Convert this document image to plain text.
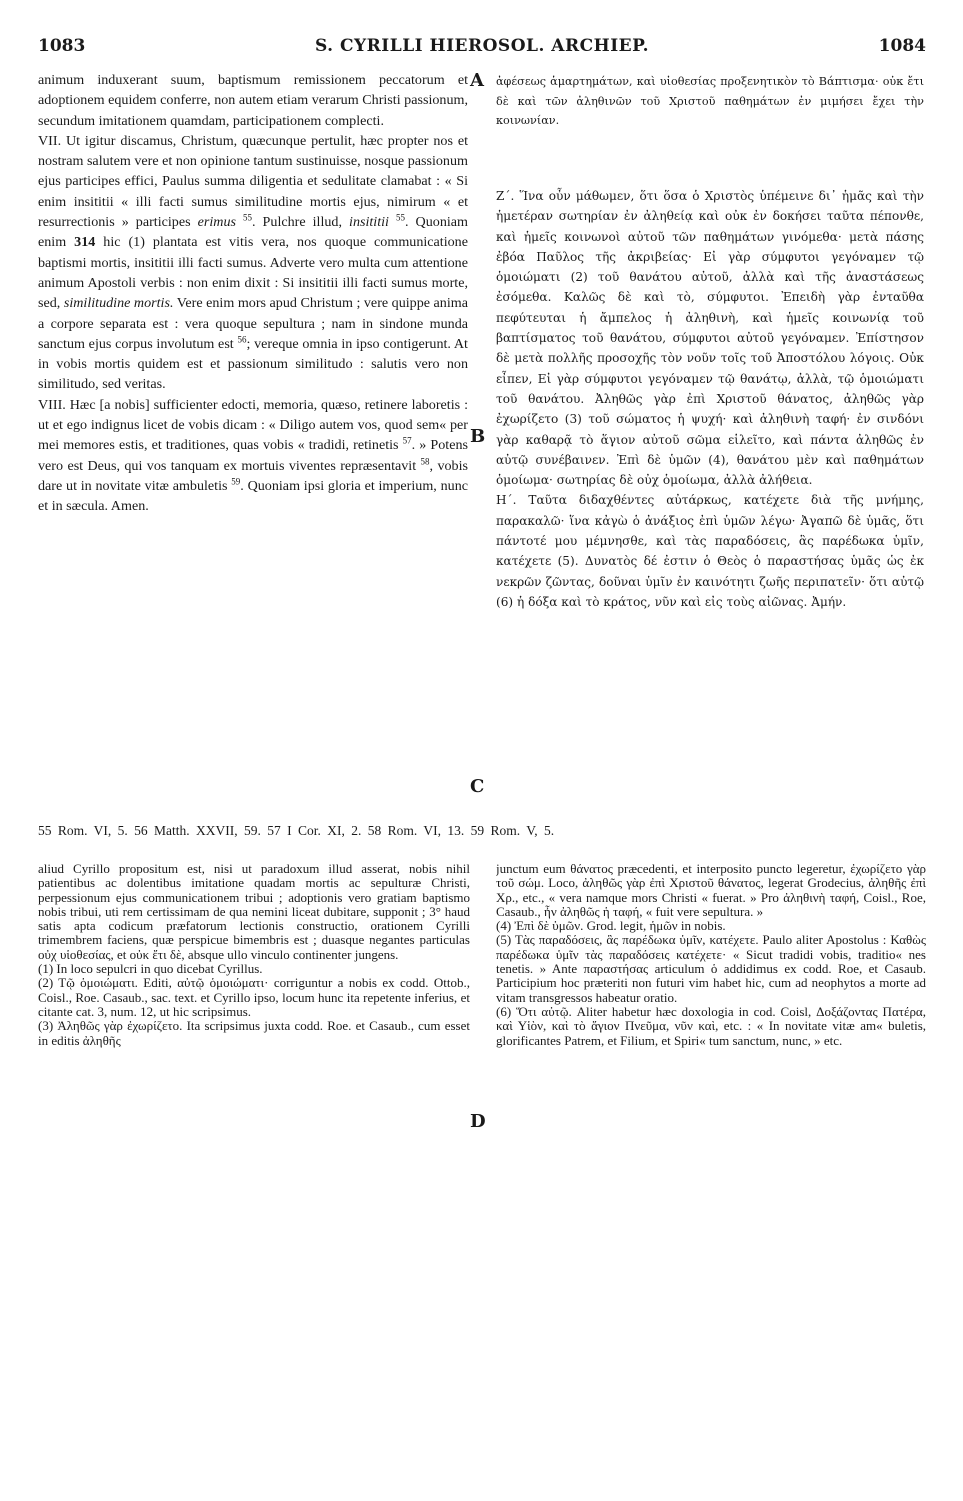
S. CYRILLI HIEROSOL. ARCHIEP.
1083	1084

animum induxerant suum, baptismum remissionem peccatorum et adoptionem equidem conferre, non autem etiam verarum Christi passionum, secundum imitationem quamdam, participationem complecti.

VII. Ut igitur discamus, Christum, quæcunque pertulit, hæc propter nos et nostram salutem vere et non opinione tantum sustinuisse, nosque passionum ejus participes effici, Paulus summa diligentia et sedulitate clamabat : « Si enim insititii « illi facti sumus similitudine mortis ejus, nimirum « et resurrectionis » participes erimus $^{55}$. Pulchre illud, insititii $^{55}$. Quoniam enim 314 hic (1) plantata est vitis vera, nos quoque communicatione baptismi mortis, insititii illi facti sumus. Adverte vero multa cum attentione animum Apostoli verbis : non enim dixit : Si insititii illi facti sumus morte, sed, similitudine mortis. Vere enim mors apud Christum ; vere quippe anima a corpore separata est : vera quoque sepultura ; nam in sindone munda sanctum ejus corpus involutum est $^{56}$; vereque omnia in ipso contigerunt. At in vobis mortis quidem est et passionum similitudo : salutis vero non similitudo, sed veritas.

VIII. Hæc [a nobis] sufficienter edocti, memoria, quæso, retinere laboretis : ut et ego indignus licet de vobis dicam : « Diligo autem vos, quod sem« per mei memores estis, et traditiones, quas vobis « tradidi, retinetis $^{57}$. » Potens vero est Deus, qui vos tanquam ex mortuis viventes repræsentavit $^{58}$, vobis dare ut in novitate vitæ ambuletis $^{59}$. Quoniam ipsi gloria et imperium, nunc et in sæcula. Amen.

ἀφέσεως ἁμαρτημάτων, καὶ υἱοθεσίας προξενητικὸν τὸ Βάπτισμα· οὐκ ἔτι δὲ καὶ τῶν ἀληθινῶν τοῦ Χριστοῦ παθημάτων ἐν μιμήσει ἔχει τὴν κοινωνίαν.

Ζ΄. Ἵνα οὖν μάθωμεν, ὅτι ὅσα ὁ Χριστὸς ὑπέμεινε δι᾽ ἡμᾶς καὶ τὴν ἡμετέραν σωτηρίαν ἐν ἀληθείᾳ καὶ οὐκ ἐν δοκήσει ταῦτα πέπονθε, καὶ ἡμεῖς κοινωνοὶ αὐτοῦ τῶν παθημάτων γινόμεθα· μετὰ πάσης ἐβόα Παῦλος τῆς ἀκριβείας· Εἰ γὰρ σύμφυτοι γεγόναμεν τῷ ὁμοιώματι (2) τοῦ θανάτου αὐτοῦ, ἀλλὰ καὶ τῆς ἀναστάσεως ἐσόμεθα. Καλῶς δὲ καὶ τὸ, σύμφυτοι. Ἐπειδὴ γὰρ ἐνταῦθα πεφύτευται ἡ ἄμπελος ἡ ἀληθινὴ, καὶ ἡμεῖς κοινωνίᾳ τοῦ βαπτίσματος τοῦ θανάτου, σύμφυτοι αὐτοῦ γεγόναμεν. Ἐπίστησον δὲ μετὰ πολλῆς προσοχῆς τὸν νοῦν τοῖς τοῦ Ἀποστόλου λόγοις. Οὐκ εἶπεν, Εἰ γὰρ σύμφυτοι γεγόναμεν τῷ θανάτῳ, ἀλλὰ, τῷ ὁμοιώματι τοῦ θανάτου. Ἀληθῶς γὰρ ἐπὶ Χριστοῦ θάνατος, ἀληθῶς γὰρ ἐχωρίζετο (3) τοῦ σώματος ἡ ψυχή· καὶ ἀληθινὴ ταφή· ἐν σινδόνι γὰρ καθαρᾷ τὸ ἅγιον αὐτοῦ σῶμα εἱλεῖτο, καὶ πάντα ἀληθῶς ἐν αὐτῷ συνέβαινεν. Ἐπὶ δὲ ὑμῶν (4), θανάτου μὲν καὶ παθημάτων ὁμοίωμα· σωτηρίας δὲ οὐχ ὁμοίωμα, ἀλλὰ ἀλήθεια.

Η΄. Ταῦτα διδαχθέντες αὐτάρκως, κατέχετε διὰ τῆς μνήμης, παρακαλῶ· ἵνα κἀγὼ ὁ ἀνάξιος ἐπὶ ὑμῶν λέγω· Ἀγαπῶ δὲ ὑμᾶς, ὅτι πάντοτέ μου μέμνησθε, καὶ τὰς παραδόσεις, ἃς παρέδωκα ὑμῖν, κατέχετε (5). Δυνατὸς δέ ἐστιν ὁ Θεὸς ὁ παραστήσας ὑμᾶς ὡς ἐκ νεκρῶν ζῶντας, δοῦναι ὑμῖν ἐν καινότητι ζωῆς περιπατεῖν· ὅτι αὐτῷ (6) ἡ δόξα καὶ τὸ κράτος, νῦν καὶ εἰς τοὺς αἰῶνας. Ἀμήν.

A
B
C
D
55 Rom. VI, 5. 56 Matth. XXVII, 59. 57 I Cor. XI, 2. 58 Rom. VI, 13. 59 Rom. V, 5.

aliud Cyrillo propositum est, nisi ut paradoxum illud asserat, nobis nihil patientibus ac dolentibus imitatione quadam mortis ac sepulturæ Christi, perpessionum ejus communicationem tribui ; adoptionis vero gratiam baptismo nobis tribui, uti rem certissimam de qua nemini liceat dubitare, supponit ; 3° haud satis apta codicum præfatorum lectionis constructio, orationem Cyrilli trimembrem faciens, quæ perspicue bimembris est ; duasque negantes particulas οὐχ υἱοθεσίας, et οὐκ ἔτι δὲ, absque ullo vinculo continenter jungens.

(1) In loco sepulcri in quo dicebat Cyrillus.

(2) Τῷ ὁμοιώματι. Editi, αὐτῷ ὁμοιώματι· corriguntur a nobis ex codd. Ottob., Coisl., Roe. Casaub., sac. text. et Cyrillo ipso, locum hunc ita repetente inferius, et citante cat. 3, num. 12, ut hic scripsimus.

(3) Ἀληθῶς γὰρ ἐχωρίζετο. Ita scripsimus juxta codd. Roe. et Casaub., cum esset in editis ἀληθῆς

junctum eum θάνατος præcedenti, et interposito puncto legeretur, ἐχωρίζετο γὰρ τοῦ σώμ. Loco, ἀληθῶς γὰρ ἐπὶ Χριστοῦ θάνατος, legerat Grodecius, ἀληθῆς ἐπὶ Χρ., etc., « vera namque mors Christi « fuerat. » Pro ἀληθινὴ ταφή, Coisl., Roe, Casaub., ἦν ἀληθῶς ἡ ταφή, « fuit vere sepultura. »

(4) Ἐπὶ δὲ ὑμῶν. Grod. legit, ἡμῶν in nobis.

(5) Τὰς παραδόσεις, ἃς παρέδωκα ὑμῖν, κατέχετε. Paulo aliter Apostolus : Καθὼς παρέδωκα ὑμῖν τὰς παραδόσεις κατέχετε· « Sicut tradidi vobis, traditio« nes tenetis. » Ante παραστήσας articulum ὁ addidimus ex codd. Roe, et Casaub. Participium hoc præteriti non futuri vim habet hic, cum ad neophytos a morte ad vitam transgressos habeatur oratio.

(6) Ὅτι αὐτῷ. Aliter habetur hæc doxologia in cod. Coisl, Δοξάζοντας Πατέρα, καὶ Υἱὸν, καὶ τὸ ἅγιον Πνεῦμα, νῦν καὶ, etc. : « In novitate vitæ am« buletis, glorificantes Patrem, et Filium, et Spiri« tum sanctum, nunc, » etc.
